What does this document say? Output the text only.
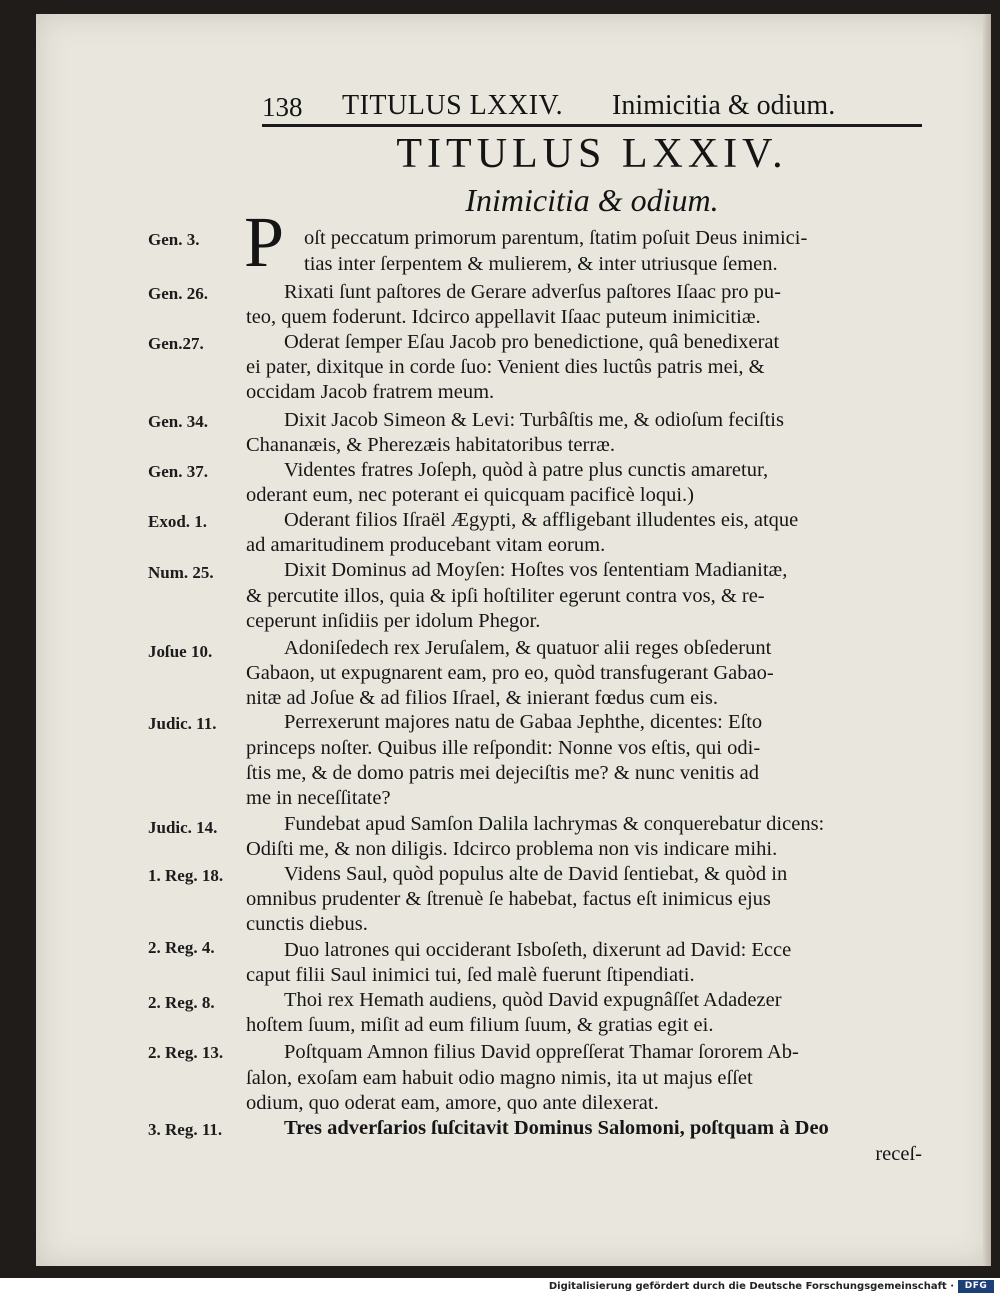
138 TITULUS LXXIV. Inimicitia & odium.
TITULUS LXXIV.
Inimicitia & odium.
P
Gen. 3.	oſt peccatum primorum parentum, ſtatim poſuit Deus inimici-
tias inter ſerpentem & mulierem, & inter utriusque ſemen.
Gen. 26.	Rixati ſunt paſtores de Gerare adverſus paſtores Iſaac pro pu-
teo, quem foderunt. Idcirco appellavit Iſaac puteum inimicitiæ.
Gen.27.	Oderat ſemper Eſau Jacob pro benedictione, quâ benedixerat
ei pater, dixitque in corde ſuo: Venient dies luctûs patris mei, &
occidam Jacob fratrem meum.
Gen. 34.	Dixit Jacob Simeon & Levi: Turbâſtis me, & odioſum feciſtis
Chananæis, & Pherezæis habitatoribus terræ.
Gen. 37.	Videntes fratres Joſeph, quòd à patre plus cunctis amaretur,
oderant eum, nec poterant ei quicquam pacificè loqui.)
Exod. 1.	Oderant filios Iſraël Ægypti, & affligebant illudentes eis, atque
ad amaritudinem producebant vitam eorum.
Num. 25.	Dixit Dominus ad Moyſen: Hoſtes vos ſententiam Madianitæ,
& percutite illos, quia & ipſi hoſtiliter egerunt contra vos, & re-
ceperunt inſidiis per idolum Phegor.
Joſue 10.	Adoniſedech rex Jeruſalem, & quatuor alii reges obſederunt
Gabaon, ut expugnarent eam, pro eo, quòd transfugerant Gabao-
nitæ ad Joſue & ad filios Iſrael, & inierant fœdus cum eis.
Judic. 11.	Perrexerunt majores natu de Gabaa Jephthe, dicentes: Eſto
princeps noſter. Quibus ille reſpondit: Nonne vos eſtis, qui odi-
ſtis me, & de domo patris mei dejeciſtis me? & nunc venitis ad
me in neceſſitate?
Judic. 14.	Fundebat apud Samſon Dalila lachrymas & conquerebatur dicens:
Odiſti me, & non diligis. Idcirco problema non vis indicare mihi.
1. Reg. 18.	Videns Saul, quòd populus alte de David ſentiebat, & quòd in
omnibus prudenter & ſtrenuè ſe habebat, factus eſt inimicus ejus
cunctis diebus.
2. Reg. 4.	Duo latrones qui occiderant Isboſeth, dixerunt ad David: Ecce
caput filii Saul inimici tui, ſed malè fuerunt ſtipendiati.
2. Reg. 8.	Thoi rex Hemath audiens, quòd David expugnâſſet Adadezer
hoſtem ſuum, miſit ad eum filium ſuum, & gratias egit ei.
2. Reg. 13.	Poſtquam Amnon filius David oppreſſerat Thamar ſororem Ab-
ſalon, exoſam eam habuit odio magno nimis, ita ut majus eſſet
odium, quo oderat eam, amore, quo ante dilexerat.
3. Reg. 11.	Tres adverſarios ſuſcitavit Dominus Salomoni, poſtquam à Deo
receſ-
Digitalisierung gefördert durch die Deutsche Forschungsgemeinschaft ·	DFG
